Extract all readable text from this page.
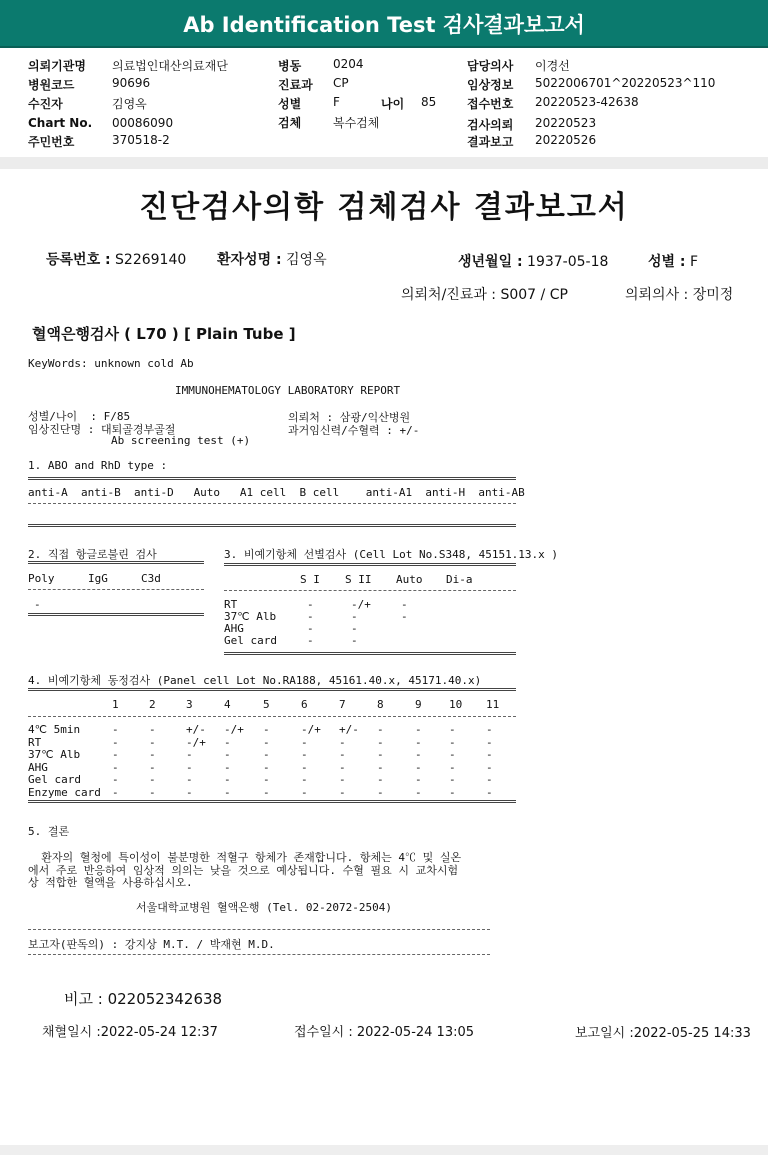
Ab Identification Test 검사결과보고서
의뢰기관명 의료법인대산의료재단
병원코드	90696
수진자	김영옥
Chart No. 00086090
주민번호	370518-2
병동	0204
진료과 CP
성별	F
검체	복수검체
나이 85
담당의사 이경선
임상정보 5022006701^20220523^110
접수번호 20220523-42638
검사의뢰 20220523
결과보고 20220526
진단검사의학 검체검사 결과보고서
등록번호 : S2269140 환자성명 : 김영옥	생년월일 : 1937-05-18	성별 : F
의뢰처/진료과 : S007 / CP	의뢰의사 : 장미정
혈액은행검사 ( L70 ) [ Plain Tube ]
KeyWords: unknown cold Ab
IMMUNOHEMATOLOGY LABORATORY REPORT
성별/나이  : F/85
임상진단명 : 대퇴골경부골절
Ab screening test (+)
의뢰처 : 삼광/익산병원
과거임신력/수혈력 : +/-
1. ABO and RhD type :
anti-A  anti-B  anti-D   Auto   A1 cell  B cell    anti-A1  anti-H  anti-AB
2. 직접 항글로불린 검사
Poly	IgG	C3d
-
3. 비예기항체 선별검사 (Cell Lot No.S348, 45151.13.x )
S I S II Auto Di-a
RT	-	-/+	-
37℃ Alb	-	-	-
AHG	-	-
Gel card	-	-
4. 비예기항체 동정검사 (Panel cell Lot No.RA188, 45161.40.x, 45171.40.x)
1	2	3	4	5	6	7	8	9 10 11
4℃ 5min	-	-	+/- -/+ -	-/+ +/- -	- -	-
RT	-	-	-/+ -	-	-	-	-	- -	-
37℃ Alb	-	-	-	-	-	-	-	-	- -	-
AHG	-	-	-	-	-	-	-	-	- -	-
Gel card	-	-	-	-	-	-	-	-	- -	-
Enzyme card -	-	-	-	-	-	-	-	- -	-
5. 결론
환자의 혈청에 특이성이 불분명한 적혈구 항체가 존재합니다. 항체는 4℃ 및 실온
에서 주로 반응하여 임상적 의의는 낮을 것으로 예상됩니다. 수혈 필요 시 교차시험
상 적합한 혈액을 사용하십시오.
서울대학교병원 혈액은행 (Tel. 02-2072-2504)
보고자(판독의) : 강지상 M.T. / 박재현 M.D.
비고 : 022052342638
채혈일시 :2022-05-24 12:37	접수일시 : 2022-05-24 13:05	보고일시 :2022-05-25 14:33
